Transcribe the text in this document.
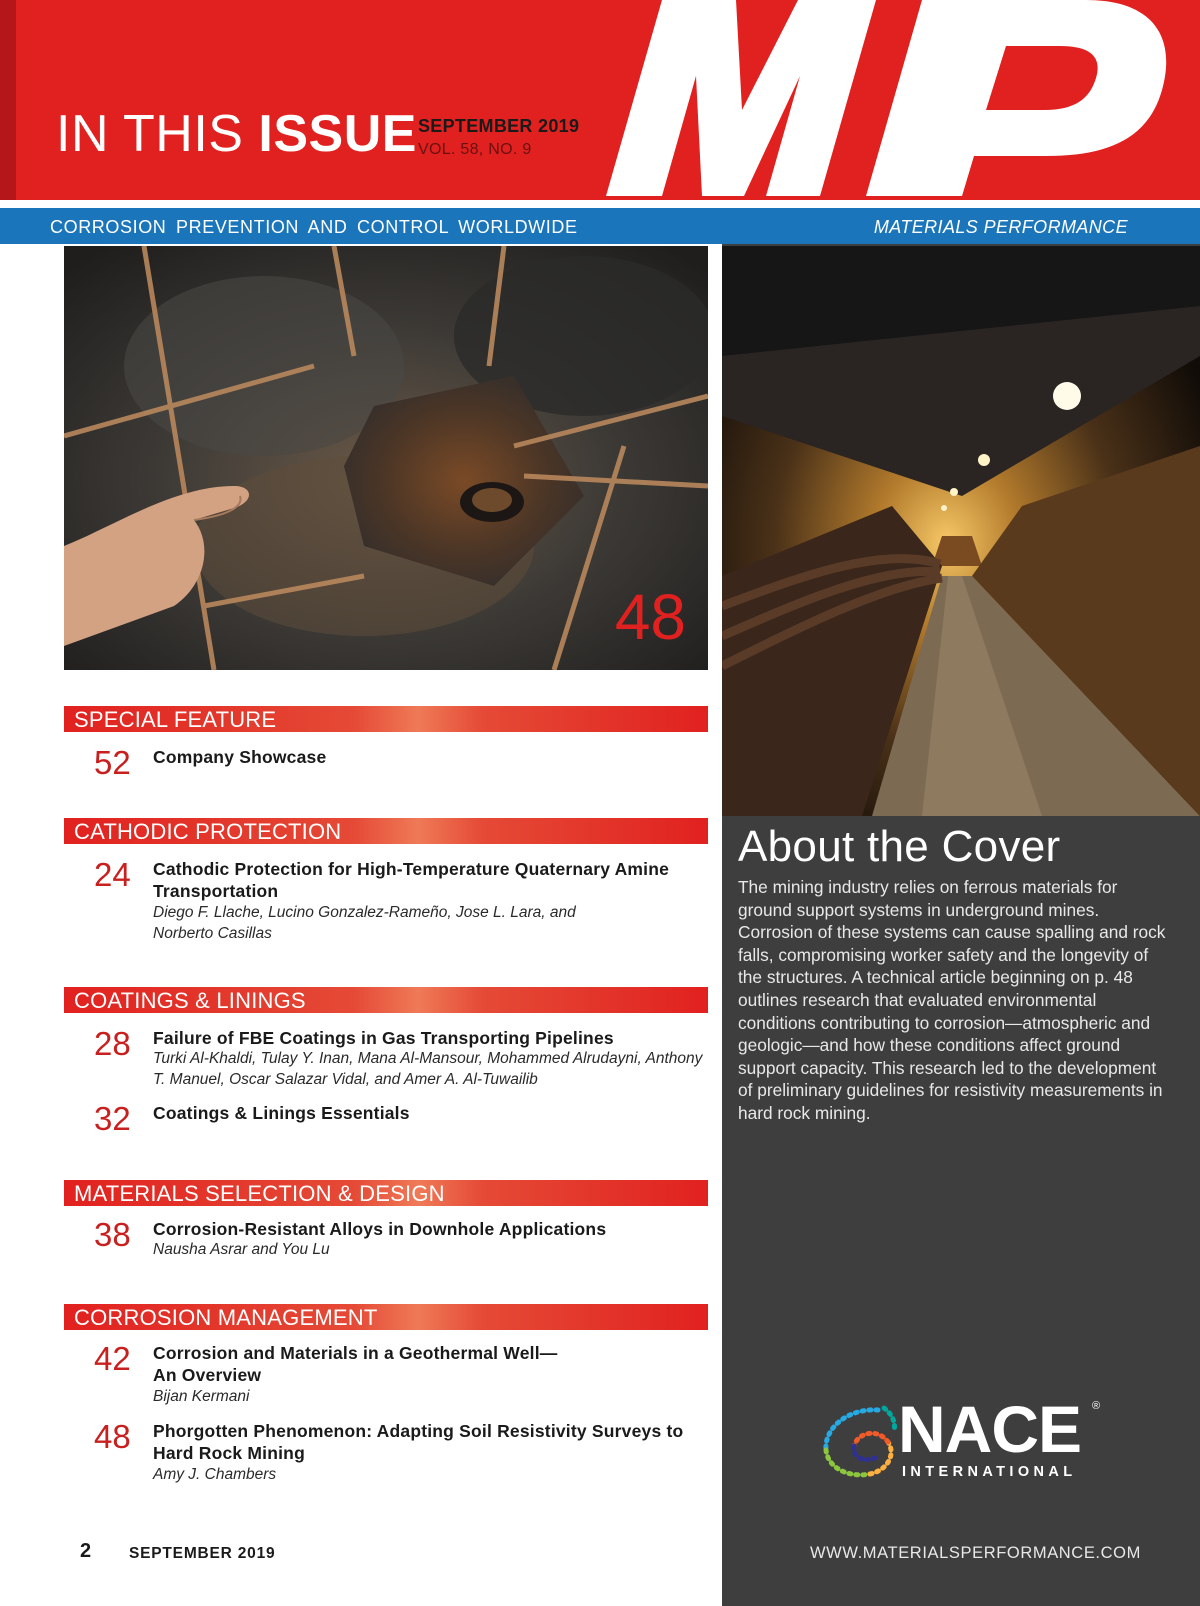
IN THIS ISSUE SEPTEMBER 2019
VOL. 58, NO. 9
CORROSION PREVENTION AND CONTROL WORLDWIDE	MATERIALS PERFORMANCE
48
About the Cover
The mining industry relies on ferrous materials for ground support systems in underground mines. Corrosion of these systems can cause spalling and rock falls, compromising worker safety and the longevity of the structures. A technical article beginning on p. 48 outlines research that evaluated environmental conditions contributing to corrosion—atmospheric and geologic—and how these conditions affect ground support capacity. This research led to the development of preliminary guidelines for resistivity measurements in hard rock mining.
NACE ®
INTERNATIONAL
WWW.MATERIALSPERFORMANCE.COM
SPECIAL FEATURE
52	Company Showcase
CATHODIC PROTECTION
24	Cathodic Protection for High-Temperature Quaternary Amine Transportation
Diego F. Llache, Lucino Gonzalez-Rameño, Jose L. Lara, and Norberto Casillas
COATINGS & LININGS
28	Failure of FBE Coatings in Gas Transporting Pipelines
Turki Al-Khaldi, Tulay Y. Inan, Mana Al-Mansour, Mohammed Alrudayni, Anthony T. Manuel, Oscar Salazar Vidal, and Amer A. Al-Tuwailib
32	Coatings & Linings Essentials
MATERIALS SELECTION & DESIGN
38	Corrosion-Resistant Alloys in Downhole Applications
Nausha Asrar and You Lu
CORROSION MANAGEMENT
42	Corrosion and Materials in a Geothermal Well— An Overview
Bijan Kermani
48	Phorgotten Phenomenon: Adapting Soil Resistivity Surveys to Hard Rock Mining
Amy J. Chambers
2 SEPTEMBER 2019
